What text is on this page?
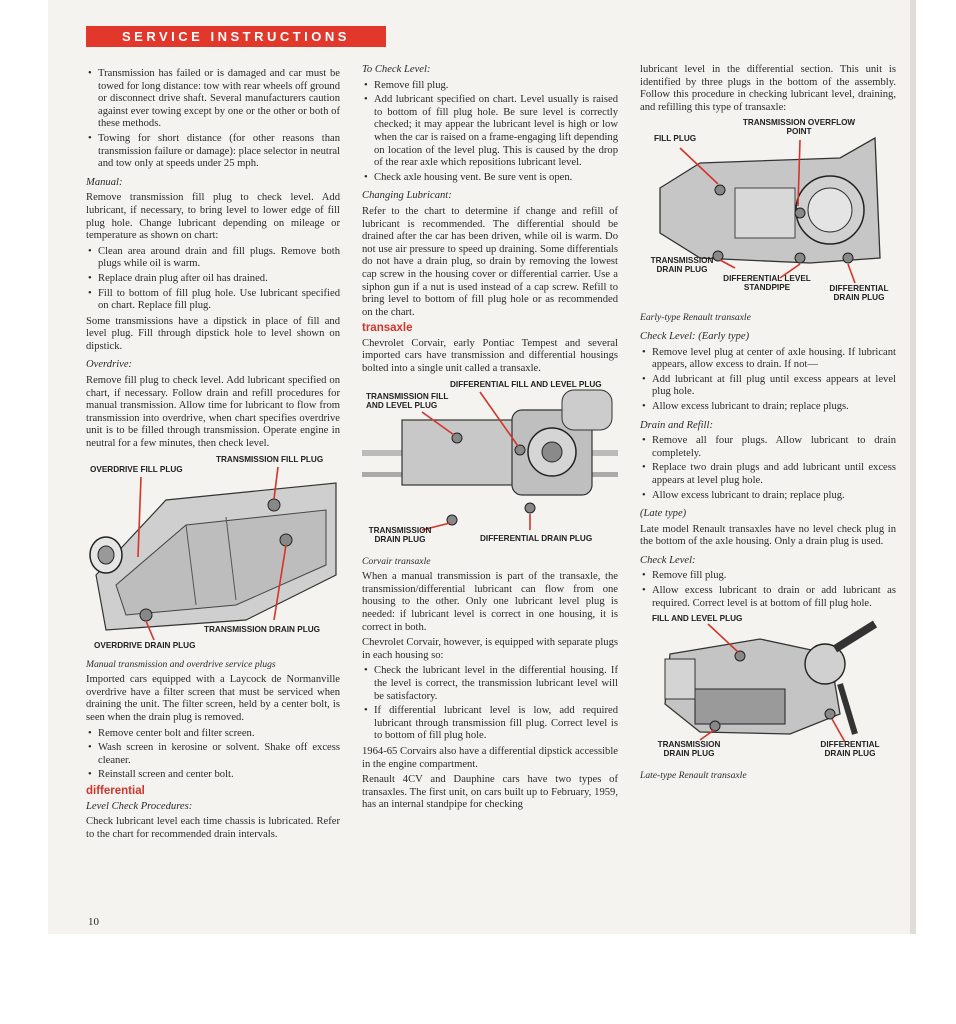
SERVICE INSTRUCTIONS
• Transmission has failed or is damaged and car must be towed for long distance: tow with rear wheels off ground or disconnect drive shaft. Several manufacturers caution against ever towing except by one or the other or both of these methods.
• Towing for short distance (for other reasons than transmission failure or damage): place selector in neutral and tow only at speeds under 25 mph.

Manual:

Remove transmission fill plug to check level. Add lubricant, if necessary, to bring level to lower edge of fill plug hole. Change lubricant depending on mileage or temperature as shown on chart:

• Clean area around drain and fill plugs. Remove both plugs while oil is warm.
• Replace drain plug after oil has drained.
• Fill to bottom of fill plug hole. Use lubricant specified on chart. Replace fill plug.

Some transmissions have a dipstick in place of fill and level plug. Fill through dipstick hole to level shown on dipstick.

Overdrive:

Remove fill plug to check level. Add lubricant specified on chart, if necessary. Follow drain and refill procedures for manual transmission. Allow time for lubricant to flow from transmission into overdrive, when chart specifies overdrive unit is to be filled through transmission. Operate engine in neutral for a few minutes, then check level.

TRANSMISSION FILL PLUG
OVERDRIVE FILL PLUG
TRANSMISSION DRAIN PLUG
OVERDRIVE DRAIN PLUG

Manual transmission and overdrive service plugs

Imported cars equipped with a Laycock de Normanville overdrive have a filter screen that must be serviced when draining the unit. The filter screen, held by a center bolt, is seen when the drain plug is removed.

• Remove center bolt and filter screen.
• Wash screen in kerosine or solvent. Shake off excess cleaner.
• Reinstall screen and center bolt.

differential

Level Check Procedures:

Check lubricant level each time chassis is lubricated. Refer to the chart for recommended drain intervals.

To Check Level:

• Remove fill plug.
• Add lubricant specified on chart. Level usually is raised to bottom of fill plug hole. Be sure level is correctly checked; it may appear the lubricant level is high or low when the car is raised on a frame-engaging lift depending on location of the level plug. This is caused by the drop of the rear axle which repositions lubricant level.
• Check axle housing vent. Be sure vent is open.

Changing Lubricant:

Refer to the chart to determine if change and refill of lubricant is recommended. The differential should be drained after the car has been driven, while oil is warm. Do not use air pressure to speed up draining. Some differentials do not have a drain plug, so drain by removing the lowest cap screw in the housing cover or differential carrier. Use a siphon gun if a nut is used instead of a cap screw. Refill to bring level to bottom of fill plug hole or as recommended on the chart.

transaxle

Chevrolet Corvair, early Pontiac Tempest and several imported cars have transmission and differential housings bolted into a single unit called a transaxle.

DIFFERENTIAL FILL AND LEVEL PLUG
TRANSMISSION FILL AND LEVEL PLUG
TRANSMISSION DRAIN PLUG	DIFFERENTIAL DRAIN PLUG

Corvair transaxle

When a manual transmission is part of the transaxle, the transmission/differential lubricant can flow from one housing to the other. Only one lubricant level plug is needed: if lubricant level is correct in one housing, it is correct in both.

Chevrolet Corvair, however, is equipped with separate plugs in each housing so:

• Check the lubricant level in the differential housing. If the level is correct, the transmission lubricant level will be satisfactory.
• If differential lubricant level is low, add required lubricant through transmission fill plug. Correct level is to bottom of fill plug hole.

1964-65 Corvairs also have a differential dipstick accessible in the engine compartment.

Renault 4CV and Dauphine cars have two types of transaxles. The first unit, on cars built up to February, 1959, has an internal standpipe for checking

lubricant level in the differential section. This unit is identified by three plugs in the bottom of the assembly. Follow this procedure in checking lubricant level, draining, and refilling this type of transaxle:

TRANSMISSION OVERFLOW POINT
FILL PLUG
TRANSMISSION DRAIN PLUG
DIFFERENTIAL LEVEL STANDPIPE	DIFFERENTIAL DRAIN PLUG

Early-type Renault transaxle

Check Level: (Early type)

• Remove level plug at center of axle housing. If lubricant appears, allow excess to drain. If not—
• Add lubricant at fill plug until excess appears at level plug hole.
• Allow excess lubricant to drain; replace plugs.

Drain and Refill:

• Remove all four plugs. Allow lubricant to drain completely.
• Replace two drain plugs and add lubricant until excess appears at level plug hole.
• Allow excess lubricant to drain; replace plug.

(Late type)

Late model Renault transaxles have no level check plug in the bottom of the axle housing. Only a drain plug is used.

Check Level:

• Remove fill plug.
• Allow excess lubricant to drain or add lubricant as required. Correct level is at bottom of fill plug hole.
FILL AND LEVEL PLUG
TRANSMISSION DRAIN PLUG
DIFFERENTIAL DRAIN PLUG

Late-type Renault transaxle

10
